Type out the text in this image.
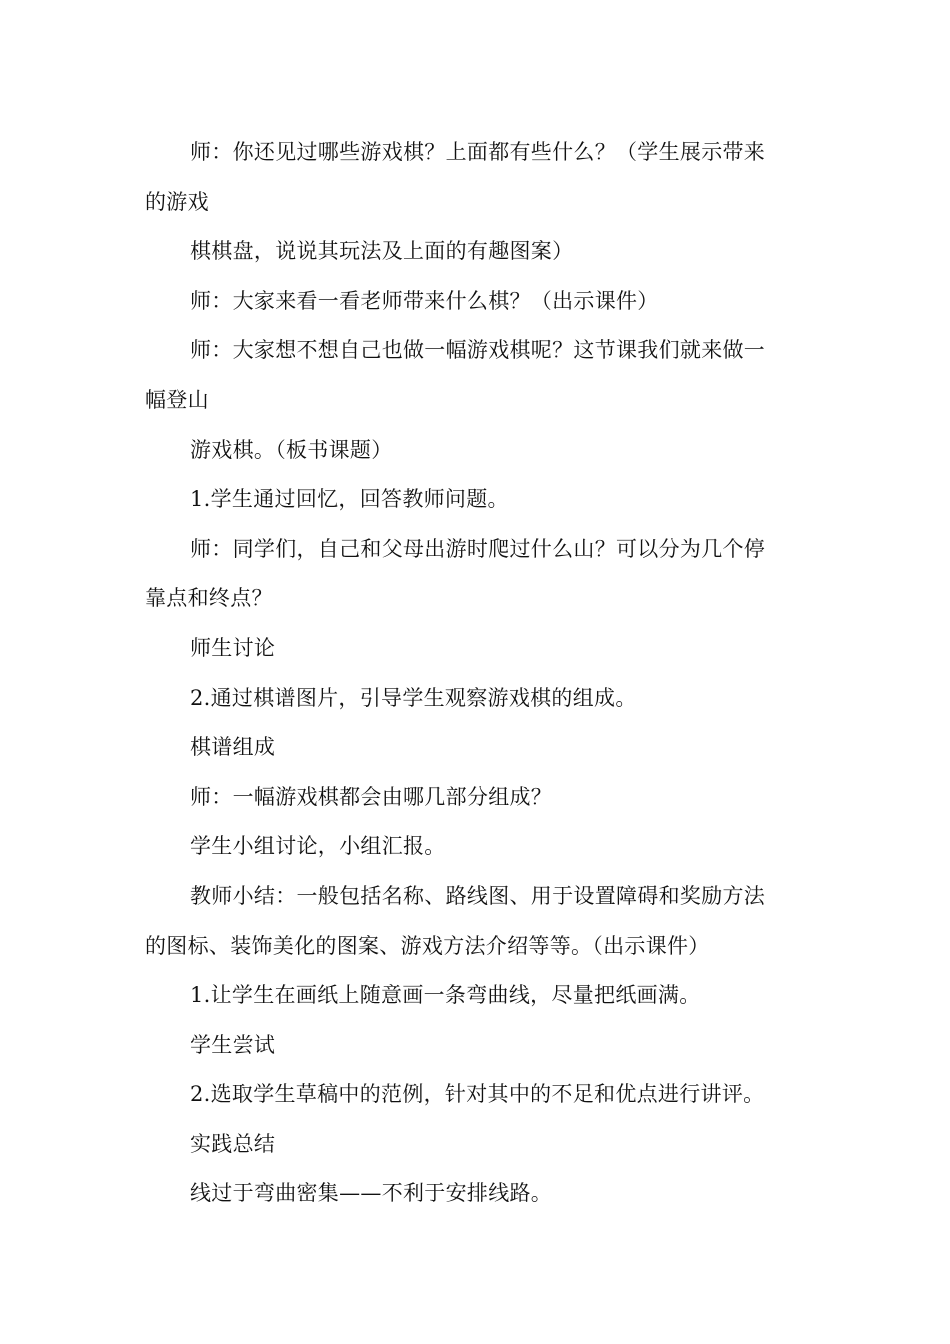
师：你还见过哪些游戏棋？上面都有些什么？（学生展示带来

的游戏

棋棋盘，说说其玩法及上面的有趣图案）

师：大家来看一看老师带来什么棋？（出示课件）

师：大家想不想自己也做一幅游戏棋呢？这节课我们就来做一

幅登山

游戏棋。（板书课题）

1.学生通过回忆，回答教师问题。

师：同学们，自己和父母出游时爬过什么山？可以分为几个停

靠点和终点？

师生讨论

2.通过棋谱图片，引导学生观察游戏棋的组成。

棋谱组成

师：一幅游戏棋都会由哪几部分组成？

学生小组讨论，小组汇报。

教师小结：一般包括名称、路线图、用于设置障碍和奖励方法

的图标、装饰美化的图案、游戏方法介绍等等。（出示课件）

1.让学生在画纸上随意画一条弯曲线，尽量把纸画满。

学生尝试

2.选取学生草稿中的范例，针对其中的不足和优点进行讲评。

实践总结

线过于弯曲密集——不利于安排线路。
